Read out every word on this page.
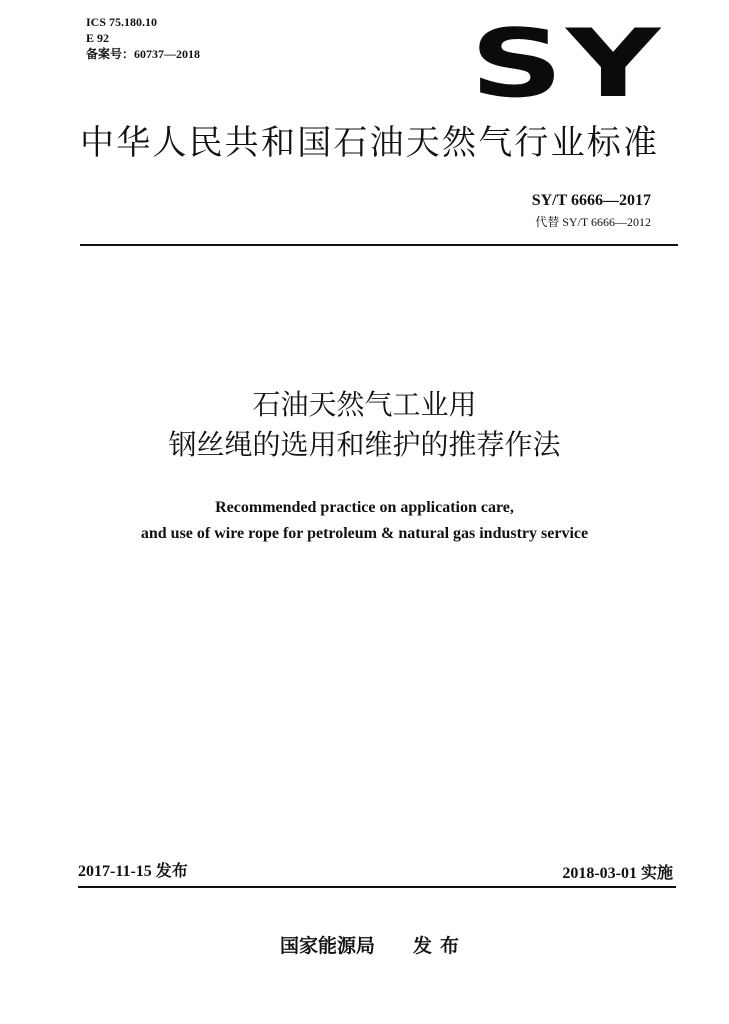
ICS 75.180.10
E 92
备案号：60737—2018	SY
中华人民共和国石油天然气行业标准
SY/T 6666—2017
代替 SY/T 6666—2012
石油天然气工业用
钢丝绳的选用和维护的推荐作法
Recommended practice on application care,
and use of wire rope for petroleum & natural gas industry service
2017-11-15 发布	2018-03-01 实施
国家能源局 发布
